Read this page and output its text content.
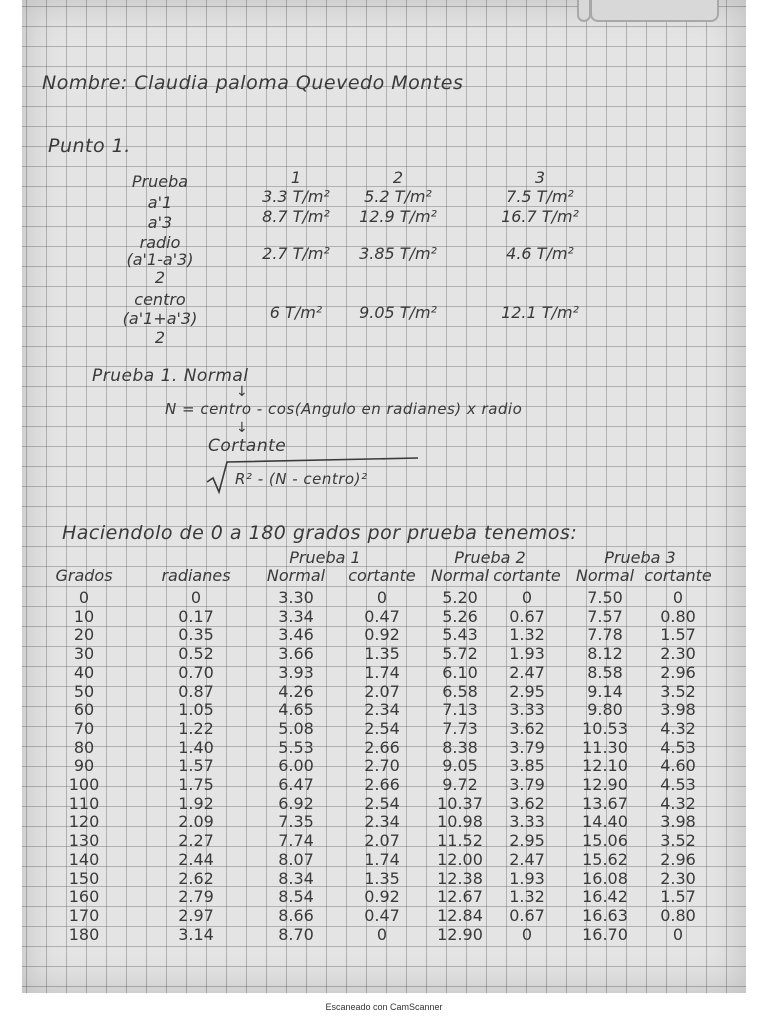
Nombre: Claudia paloma Quevedo Montes
Punto 1.
Prueba	1	2	3
a'1	3.3 T/m² 5.2 T/m²	7.5 T/m²
a'3	8.7 T/m² 12.9 T/m²	16.7 T/m²
radio
(a'1-a'3)	2.7 T/m² 3.85 T/m²	4.6 T/m²
2
centro
(a'1+a'3)	6 T/m² 9.05 T/m²	12.1 T/m²
2
Prueba 1. Normal
↓
N = centro - cos(Angulo en radianes) x radio
↓
Cortante
R² - (N - centro)²
Haciendolo de 0 a 180 grados por prueba tenemos:
Prueba 1	Prueba 2	Prueba 3
Grados	radianes Normal cortante Normal cortante Normal cortante
0	0	3.30	0	5.20	0	7.50	0
10	0.17	3.34	0.47	5.26 0.67	7.57 0.80
20	0.35	3.46	0.92	5.43 1.32	7.78 1.57
30	0.52	3.66	1.35	5.72 1.93	8.12 2.30
40	0.70	3.93	1.74	6.10 2.47	8.58 2.96
50	0.87	4.26	2.07	6.58 2.95	9.14 3.52
60	1.05	4.65	2.34	7.13 3.33	9.80 3.98
70	1.22	5.08	2.54	7.73 3.62 10.53 4.32
80	1.40	5.53	2.66	8.38 3.79 11.30 4.53
90	1.57	6.00	2.70	9.05 3.85 12.10 4.60
100	1.75	6.47	2.66	9.72 3.79 12.90 4.53
110	1.92	6.92	2.54 10.37 3.62 13.67 4.32
120	2.09	7.35	2.34 10.98 3.33 14.40 3.98
130	2.27	7.74	2.07 11.52 2.95 15.06 3.52
140	2.44	8.07	1.74 12.00 2.47 15.62 2.96
150	2.62	8.34	1.35 12.38 1.93 16.08 2.30
160	2.79	8.54	0.92 12.67 1.32 16.42 1.57
170	2.97	8.66	0.47 12.84 0.67 16.63 0.80
180	3.14	8.70	0	12.90 0	16.70	0
Escaneado con CamScanner
